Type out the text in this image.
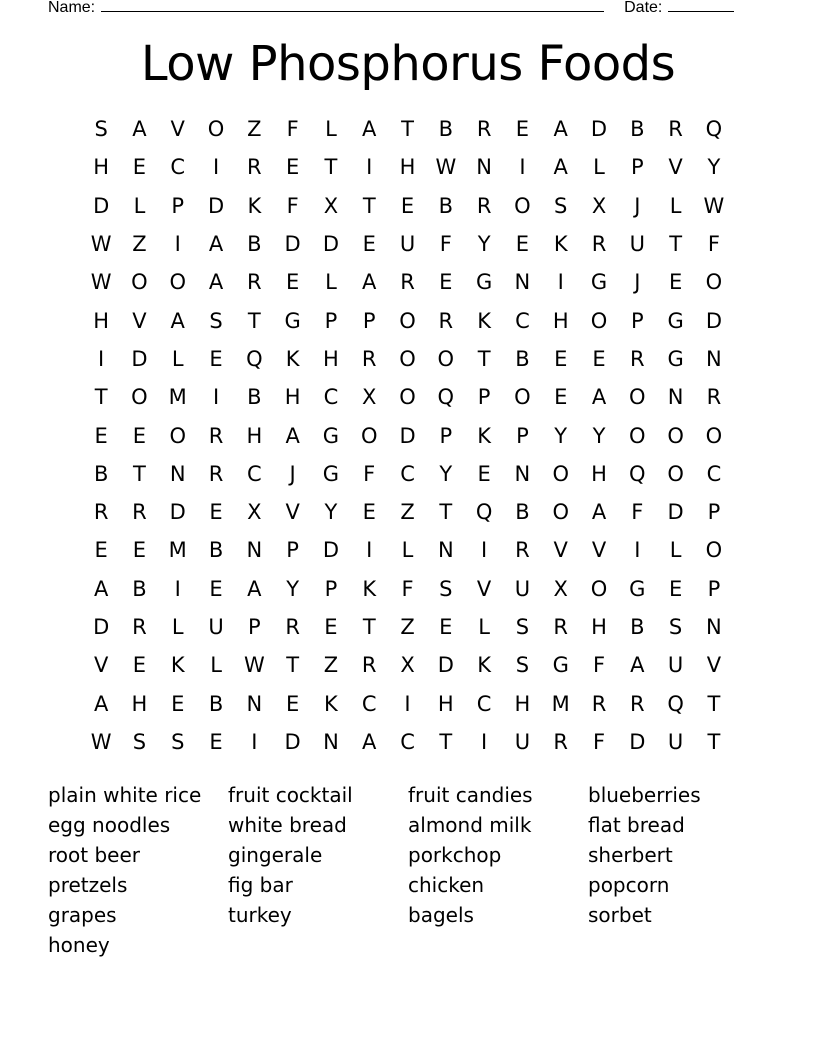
Name:	Date:
Low Phosphorus Foods
S	A	V	O	Z	F	L	A	T	B	R	E	A	D	B	R	Q
H	E	C	I	R	E	T	I	H W N	I	A	L	P	V	Y
D	L	P	D	K	F	X	T	E	B	R	O	S	X	J	L	W
W Z	I	A	B	D	D	E	U	F	Y	E	K	R	U	T	F
W O	O	A	R	E	L	A	R	E	G	N	I	G	J	E	O
H	V	A	S	T	G	P	P	O	R	K	C	H	O	P	G	D
I	D	L	E	Q	K	H	R	O	O	T	B	E	E	R	G	N
T	O M	I	B	H	C	X	O	Q	P	O	E	A	O	N	R
E	E	O	R	H	A	G	O	D	P	K	P	Y	Y	O	O	O
B	T	N	R	C	J	G	F	C	Y	E	N	O	H	Q	O	C
R	R	D	E	X	V	Y	E	Z	T	Q	B	O	A	F	D	P
E	E	M	B	N	P	D	I	L	N	I	R	V	V	I	L	O
A	B	I	E	A	Y	P	K	F	S	V	U	X	O	G	E	P
D	R	L	U	P	R	E	T	Z	E	L	S	R	H	B	S	N
V	E	K	L	W	T	Z	R	X	D	K	S	G	F	A	U	V
A	H	E	B	N	E	K	C	I	H	C	H	M	R	R	Q	T
W	S	S	E	I	D	N	A	C	T	I	U	R	F	D	U	T
plain white rice	fruit cocktail	fruit candies	blueberries
egg noodles	white bread	almond milk	flat bread
root beer	gingerale	porkchop	sherbert
pretzels	fig bar	chicken	popcorn
grapes	turkey	bagels	sorbet
honey
